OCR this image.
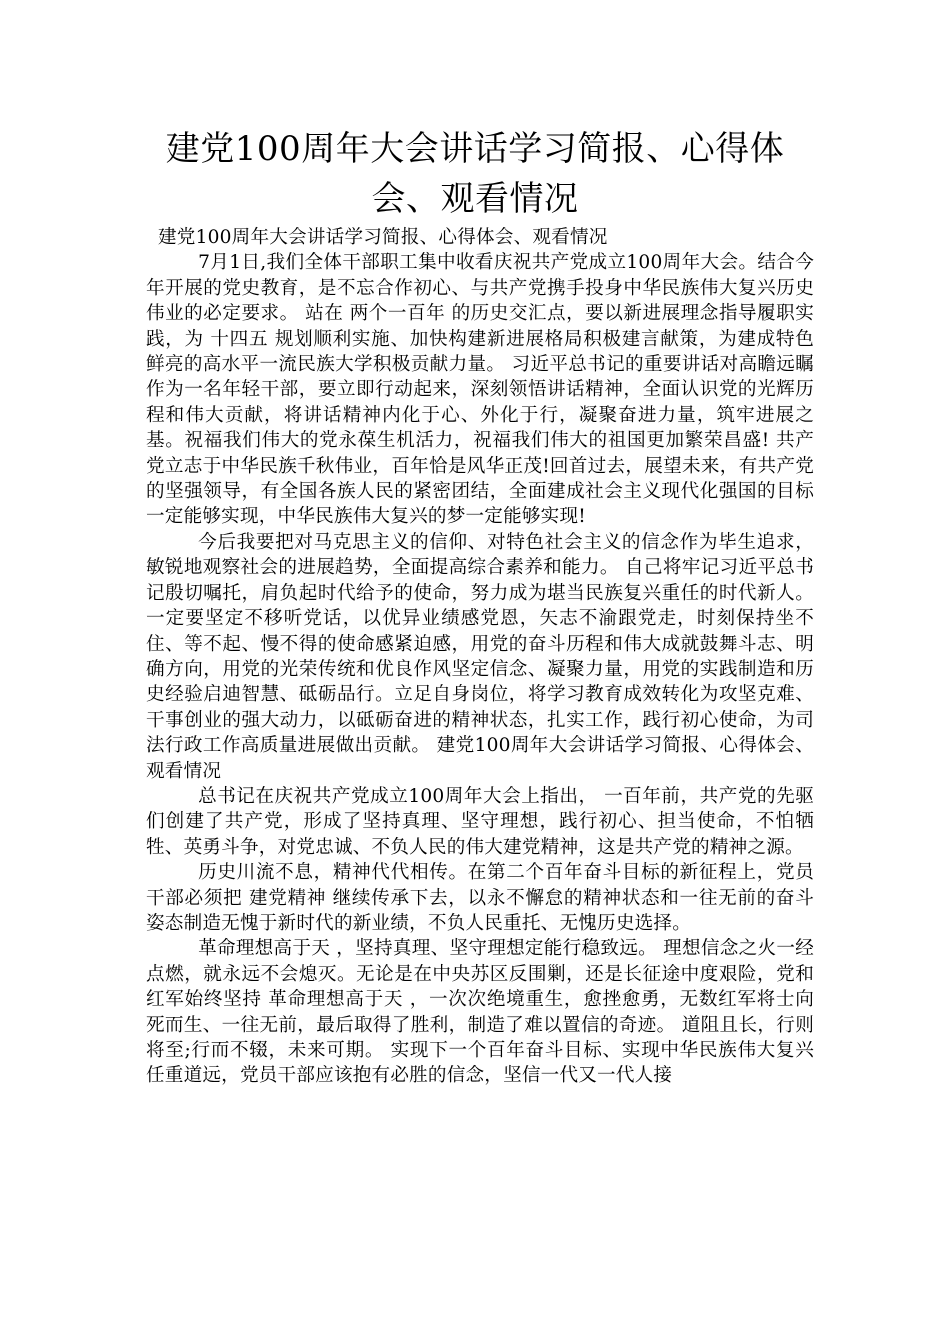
建党100周年大会讲话学习简报、心得体会、观看情况

建党100周年大会讲话学习简报、心得体会、观看情况

7月1日,我们全体干部职工集中收看庆祝共产党成立100周年大会。结合今年开展的党史教育，是不忘合作初心、与共产党携手投身中华民族伟大复兴历史伟业的必定要求。 站在 两个一百年 的历史交汇点，要以新进展理念指导履职实践，为 十四五 规划顺利实施、加快构建新进展格局积极建言献策，为建成特色鲜亮的高水平一流民族大学积极贡献力量。 习近平总书记的重要讲话对高瞻远瞩 作为一名年轻干部，要立即行动起来，深刻领悟讲话精神，全面认识党的光辉历程和伟大贡献，将讲话精神内化于心、外化于行，凝聚奋进力量，筑牢进展之基。祝福我们伟大的党永葆生机活力，祝福我们伟大的祖国更加繁荣昌盛! 共产党立志于中华民族千秋伟业，百年恰是风华正茂!回首过去，展望未来，有共产党的坚强领导，有全国各族人民的紧密团结，全面建成社会主义现代化强国的目标一定能够实现，中华民族伟大复兴的梦一定能够实现!

今后我要把对马克思主义的信仰、对特色社会主义的信念作为毕生追求，敏锐地观察社会的进展趋势，全面提高综合素养和能力。 自己将牢记习近平总书记殷切嘱托，肩负起时代给予的使命，努力成为堪当民族复兴重任的时代新人。一定要坚定不移听党话，以优异业绩感党恩，矢志不渝跟党走，时刻保持坐不住、等不起、慢不得的使命感紧迫感，用党的奋斗历程和伟大成就鼓舞斗志、明确方向，用党的光荣传统和优良作风坚定信念、凝聚力量，用党的实践制造和历史经验启迪智慧、砥砺品行。立足自身岗位，将学习教育成效转化为攻坚克难、干事创业的强大动力，以砥砺奋进的精神状态，扎实工作，践行初心使命，为司法行政工作高质量进展做出贡献。 建党100周年大会讲话学习简报、心得体会、观看情况

总书记在庆祝共产党成立100周年大会上指出， 一百年前，共产党的先驱们创建了共产党，形成了坚持真理、坚守理想，践行初心、担当使命，不怕牺牲、英勇斗争，对党忠诚、不负人民的伟大建党精神，这是共产党的精神之源。

历史川流不息，精神代代相传。在第二个百年奋斗目标的新征程上，党员干部必须把 建党精神 继续传承下去，以永不懈怠的精神状态和一往无前的奋斗姿态制造无愧于新时代的新业绩，不负人民重托、无愧历史选择。

革命理想高于天 ，坚持真理、坚守理想定能行稳致远。 理想信念之火一经点燃，就永远不会熄灭。无论是在中央苏区反围剿，还是长征途中度艰险，党和红军始终坚持 革命理想高于天 ，一次次绝境重生，愈挫愈勇，无数红军将士向死而生、一往无前，最后取得了胜利，制造了难以置信的奇迹。 道阻且长，行则将至;行而不辍，未来可期。 实现下一个百年奋斗目标、实现中华民族伟大复兴任重道远，党员干部应该抱有必胜的信念，坚信一代又一代人接
